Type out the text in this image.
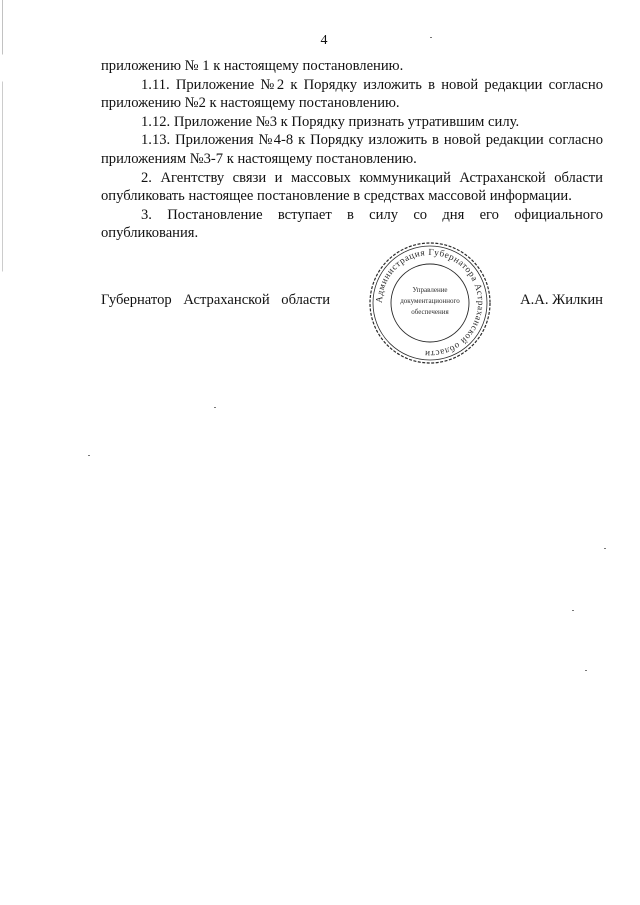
4

приложению № 1 к настоящему постановлению.

1.11. Приложение №2 к Порядку изложить в новой редакции согласно приложению №2 к настоящему постановлению.

1.12. Приложение №3 к Порядку признать утратившим силу.

1.13. Приложения №4-8 к Порядку изложить в новой редакции согласно приложениям №3-7 к настоящему постановлению.

2. Агентству связи и массовых коммуникаций Астраханской области опубликовать настоящее постановление в средствах массовой информации.

3. Постановление вступает в силу со дня его официального опубликования.

Губернатор Астраханской области	Администрация Губернатора Астраханской области
Управление
документационного
обеспечения
А.А. Жилкин
